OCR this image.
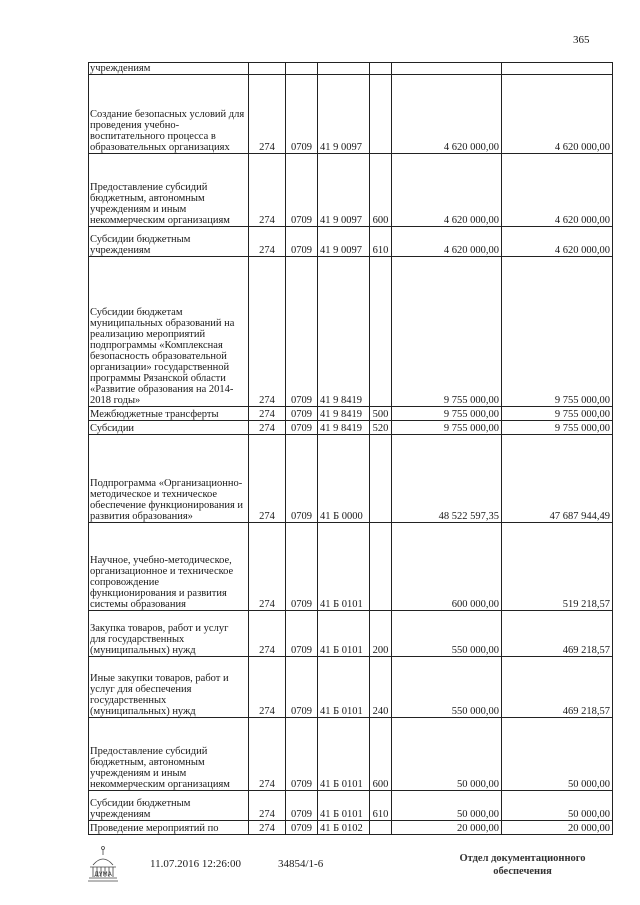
365
учреждениям						
Создание безопасных условий для проведения учебно-воспитательного процесса в образовательных организациях	274	0709	41 9 0097		4 620 000,00	4 620 000,00
Предоставление субсидий бюджетным, автономным учреждениям и иным некоммерческим организациям	274	0709	41 9 0097	600	4 620 000,00	4 620 000,00
Субсидии бюджетным учреждениям	274	0709	41 9 0097	610	4 620 000,00	4 620 000,00
Субсидии бюджетам муниципальных образований на реализацию мероприятий подпрограммы «Комплексная безопасность образовательной организации» государственной программы Рязанской области «Развитие образования на 2014-2018 годы»	274	0709	41 9 8419		9 755 000,00	9 755 000,00
Межбюджетные трансферты	274	0709	41 9 8419	500	9 755 000,00	9 755 000,00
Субсидии	274	0709	41 9 8419	520	9 755 000,00	9 755 000,00
Подпрограмма «Организационно-методическое и техническое обеспечение функционирования и развития образования»	274	0709	41 Б 0000		48 522 597,35	47 687 944,49
Научное, учебно-методическое, организационное и техническое сопровождение функционирования и развития системы образования	274	0709	41 Б 0101		600 000,00	519 218,57
Закупка товаров, работ и услуг для государственных (муниципальных) нужд	274	0709	41 Б 0101	200	550 000,00	469 218,57
Иные закупки товаров, работ и услуг для обеспечения государственных (муниципальных) нужд	274	0709	41 Б 0101	240	550 000,00	469 218,57
Предоставление субсидий бюджетным, автономным учреждениям и иным некоммерческим организациям	274	0709	41 Б 0101	600	50 000,00	50 000,00
Субсидии бюджетным учреждениям	274	0709	41 Б 0101	610	50 000,00	50 000,00
Проведение мероприятий по	274	0709	41 Б 0102		20 000,00	20 000,00
ДУМА
11.07.2016 12:26:00	34854/1-6	Отдел документационного
обеспечения
